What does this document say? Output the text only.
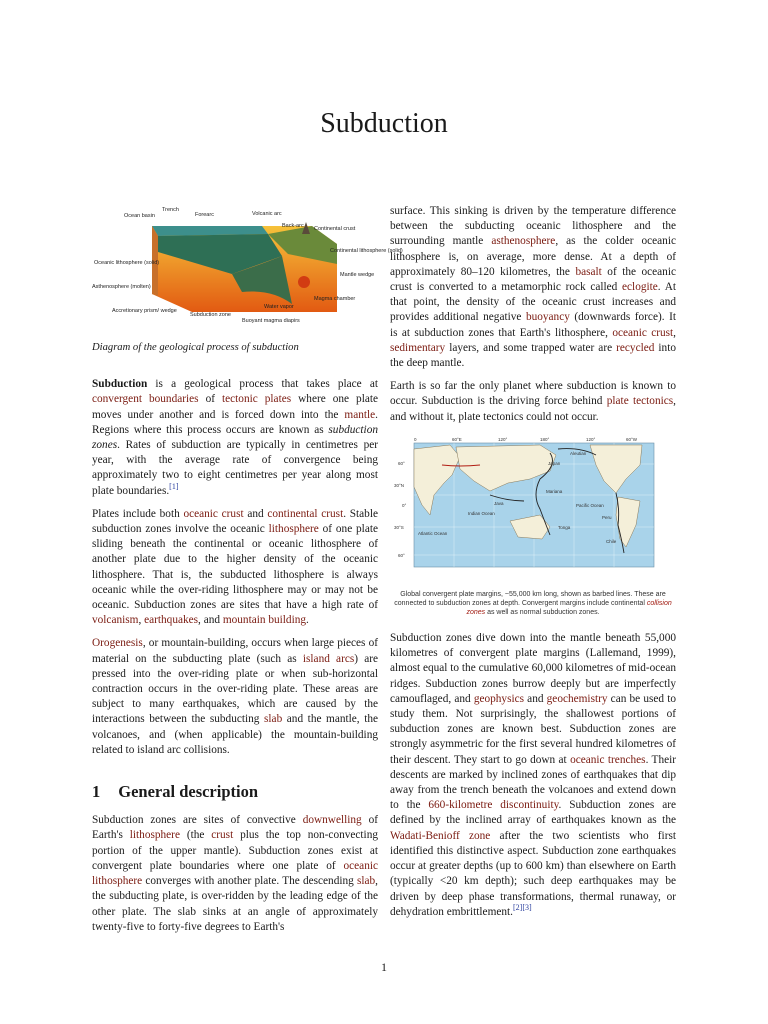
Subduction
Trench
Ocean basin	Forearc	Volcanic arc
Back-arc Continental crust
Oceanic lithosphere (solid)
Continental lithosphere (solid)
Mantle wedge
Asthenosphere (molten)
Magma chamber
Water vapor
Accretionary prism/ wedge
Subduction zone
Buoyant magma diapirs

Diagram of the geological process of subduction

Subduction is a geological process that takes place at convergent boundaries of tectonic plates where one plate moves under another and is forced down into the mantle. Regions where this process occurs are known as subduction zones. Rates of subduction are typically in centimetres per year, with the average rate of convergence being approximately two to eight centimetres per year along most plate boundaries.[1]

Plates include both oceanic crust and continental crust. Stable subduction zones involve the oceanic lithosphere of one plate sliding beneath the continental or oceanic lithosphere of another plate due to the higher density of the oceanic lithosphere. That is, the subducted lithosphere is always oceanic while the over-riding lithosphere may or may not be oceanic. Subduction zones are sites that have a high rate of volcanism, earthquakes, and mountain building.

Orogenesis, or mountain-building, occurs when large pieces of material on the subducting plate (such as island arcs) are pressed into the over-riding plate or when sub-horizontal contraction occurs in the over-riding plate. These areas are subject to many earthquakes, which are caused by the interactions between the subducting slab and the mantle, the volcanoes, and (when applicable) the mountain-building related to island arc collisions.

1 General description

Subduction zones are sites of convective downwelling of Earth's lithosphere (the crust plus the top non-convecting portion of the upper mantle). Subduction zones exist at convergent plate boundaries where one plate of oceanic lithosphere converges with another plate. The descending slab, the subducting plate, is over-ridden by the leading edge of the other plate. The slab sinks at an angle of approximately twenty-five to forty-five degrees to Earth's

surface. This sinking is driven by the temperature difference between the subducting oceanic lithosphere and the surrounding mantle asthenosphere, as the colder oceanic lithosphere is, on average, more dense. At a depth of approximately 80–120 kilometres, the basalt of the oceanic crust is converted to a metamorphic rock called eclogite. At that point, the density of the oceanic crust increases and provides additional negative buoyancy (downwards force). It is at subduction zones that Earth's lithosphere, oceanic crust, sedimentary layers, and some trapped water are recycled into the deep mantle.

Earth is so far the only planet where subduction is known to occur. Subduction is the driving force behind plate tectonics, and without it, plate tectonics could not occur.

0	60°E	120°	180°	120°	60°W
60°
30°N
0°
30°S
60°
Indian Ocean
Pacific Ocean
Atlantic Ocean
Mariana
Tonga
Peru
Chile
Java
Japan
Aleutian
Global convergent plate margins, ~55,000 km long, shown as barbed lines. These are connected to subduction zones at depth. Convergent margins include continental collision zones as well as normal subduction zones.

Subduction zones dive down into the mantle beneath 55,000 kilometres of convergent plate margins (Lallemand, 1999), almost equal to the cumulative 60,000 kilometres of mid-ocean ridges. Subduction zones burrow deeply but are imperfectly camouflaged, and geophysics and geochemistry can be used to study them. Not surprisingly, the shallowest portions of subduction zones are known best. Subduction zones are strongly asymmetric for the first several hundred kilometres of their descent. They start to go down at oceanic trenches. Their descents are marked by inclined zones of earthquakes that dip away from the trench beneath the volcanoes and extend down to the 660-kilometre discontinuity. Subduction zones are defined by the inclined array of earthquakes known as the Wadati-Benioff zone after the two scientists who first identified this distinctive aspect. Subduction zone earthquakes occur at greater depths (up to 600 km) than elsewhere on Earth (typically <20 km depth); such deep earthquakes may be driven by deep phase transformations, thermal runaway, or dehydration embrittlement.[2][3]

1
